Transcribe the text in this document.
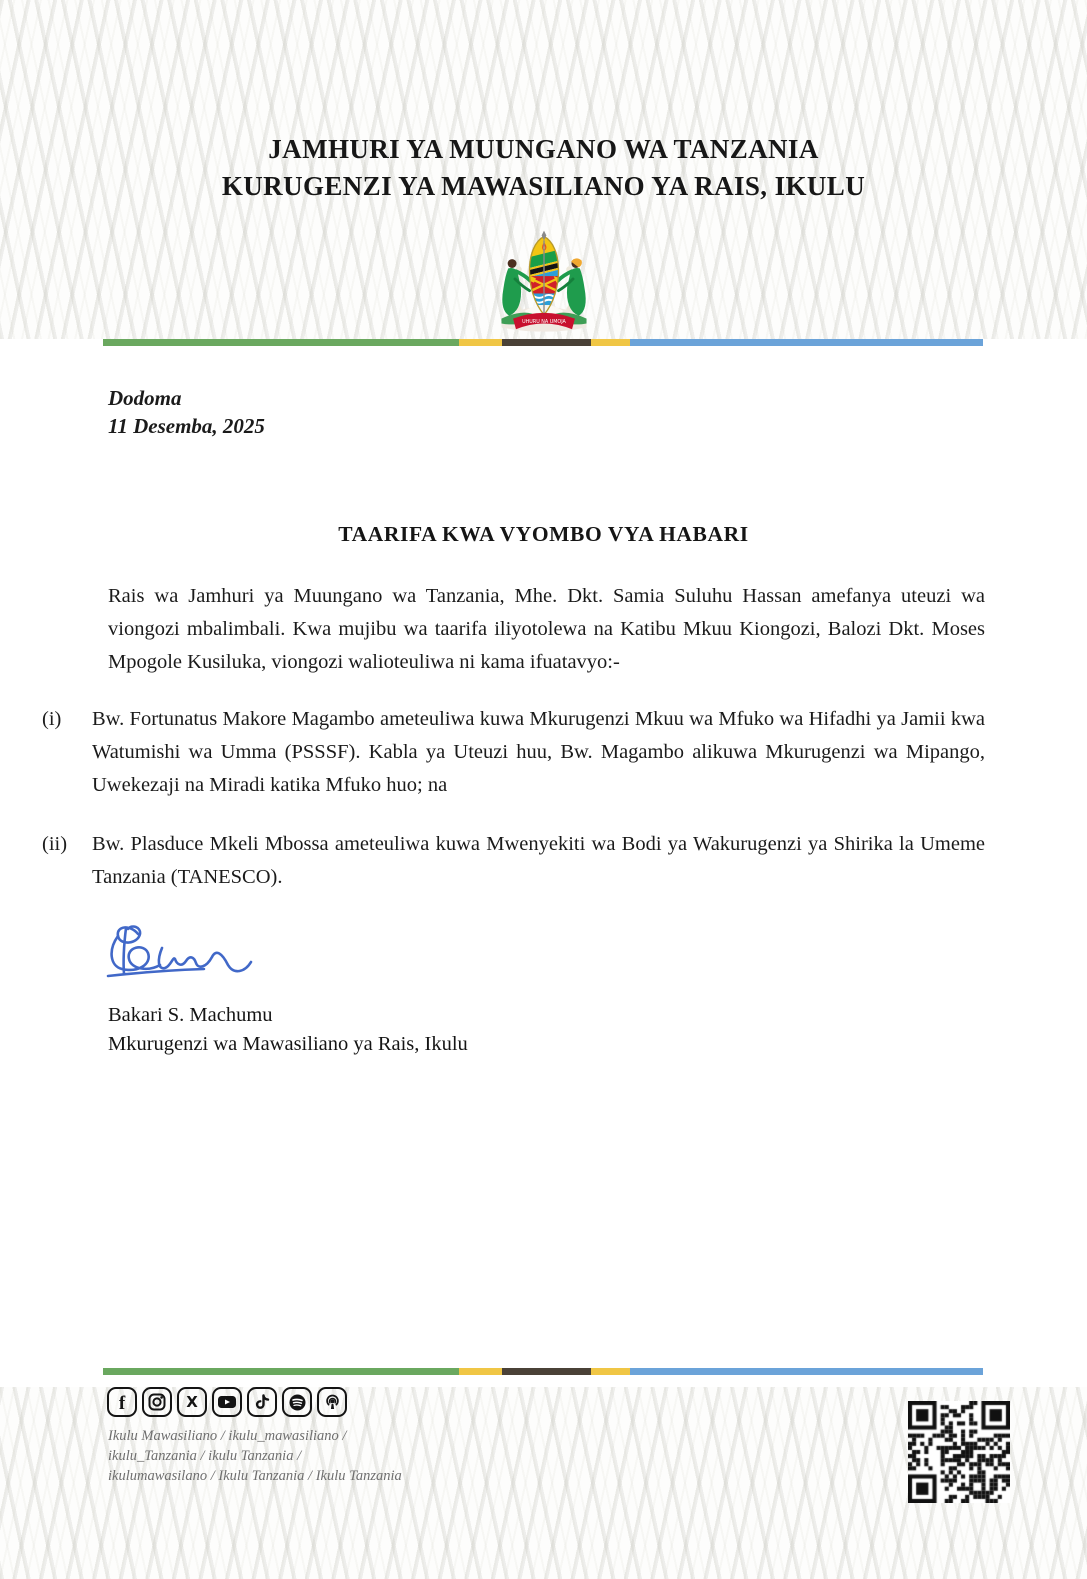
JAMHURI YA MUUNGANO WA TANZANIA
KURUGENZI YA MAWASILIANO YA RAIS, IKULU
UHURU NA UMOJA
Dodoma
11 Desemba, 2025
TAARIFA KWA VYOMBO VYA HABARI

Rais wa Jamhuri ya Muungano wa Tanzania, Mhe. Dkt. Samia Suluhu Hassan amefanya uteuzi wa viongozi mbalimbali. Kwa mujibu wa taarifa iliyotolewa na Katibu Mkuu Kiongozi, Balozi Dkt. Moses Mpogole Kusiluka, viongozi walioteuliwa ni kama ifuatavyo:-

(i)	Bw. Fortunatus Makore Magambo ameteuliwa kuwa Mkurugenzi Mkuu wa Mfuko wa Hifadhi ya Jamii kwa Watumishi wa Umma (PSSSF). Kabla ya Uteuzi huu, Bw. Magambo alikuwa Mkurugenzi wa Mipango, Uwekezaji na Miradi katika Mfuko huo; na
(ii)	Bw. Plasduce Mkeli Mbossa ameteuliwa kuwa Mwenyekiti wa Bodi ya Wakurugenzi ya Shirika la Umeme Tanzania (TANESCO).
Bakari S. Machumu
Mkurugenzi wa Mawasiliano ya Rais, Ikulu
f	X
Ikulu Mawasiliano / ikulu_mawasiliano /
ikulu_Tanzania / ikulu Tanzania /
ikulumawasilano / Ikulu Tanzania / Ikulu Tanzania
